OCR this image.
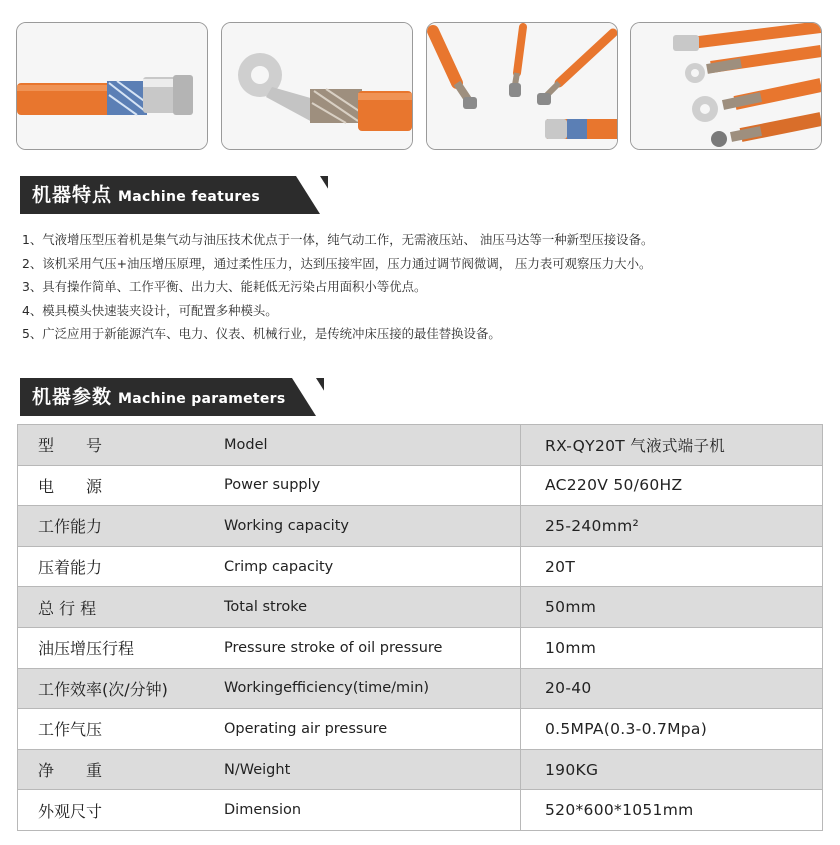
机器特点 Machine features
1、气液增压型压着机是集气动与油压技术优点于一体，纯气动工作，无需液压站、 油压马达等一种新型压接设备。
2、该机采用气压+油压增压原理，通过柔性压力，达到压接牢固，压力通过调节阀微调， 压力表可观察压力大小。
3、具有操作简单、工作平衡、出力大、能耗低无污染占用面积小等优点。
4、模具模头快速装夹设计，可配置多种模头。
5、广泛应用于新能源汽车、电力、仪表、机械行业，是传统冲床压接的最佳替换设备。
机器参数 Machine parameters
型　　号	Model	RX-QY20T 气液式端子机
电　　源	Power supply	AC220V 50/60HZ
工作能力	Working capacity	25-240mm²
压着能力	Crimp capacity	20T
总 行 程	Total stroke	50mm
油压增压行程	Pressure stroke of oil pressure	10mm
工作效率(次/分钟)	Workingefficiency(time/min)	20-40
工作气压	Operating air pressure	0.5MPA(0.3-0.7Mpa)
净　　重	N/Weight	190KG
外观尺寸	Dimension	520*600*1051mm
